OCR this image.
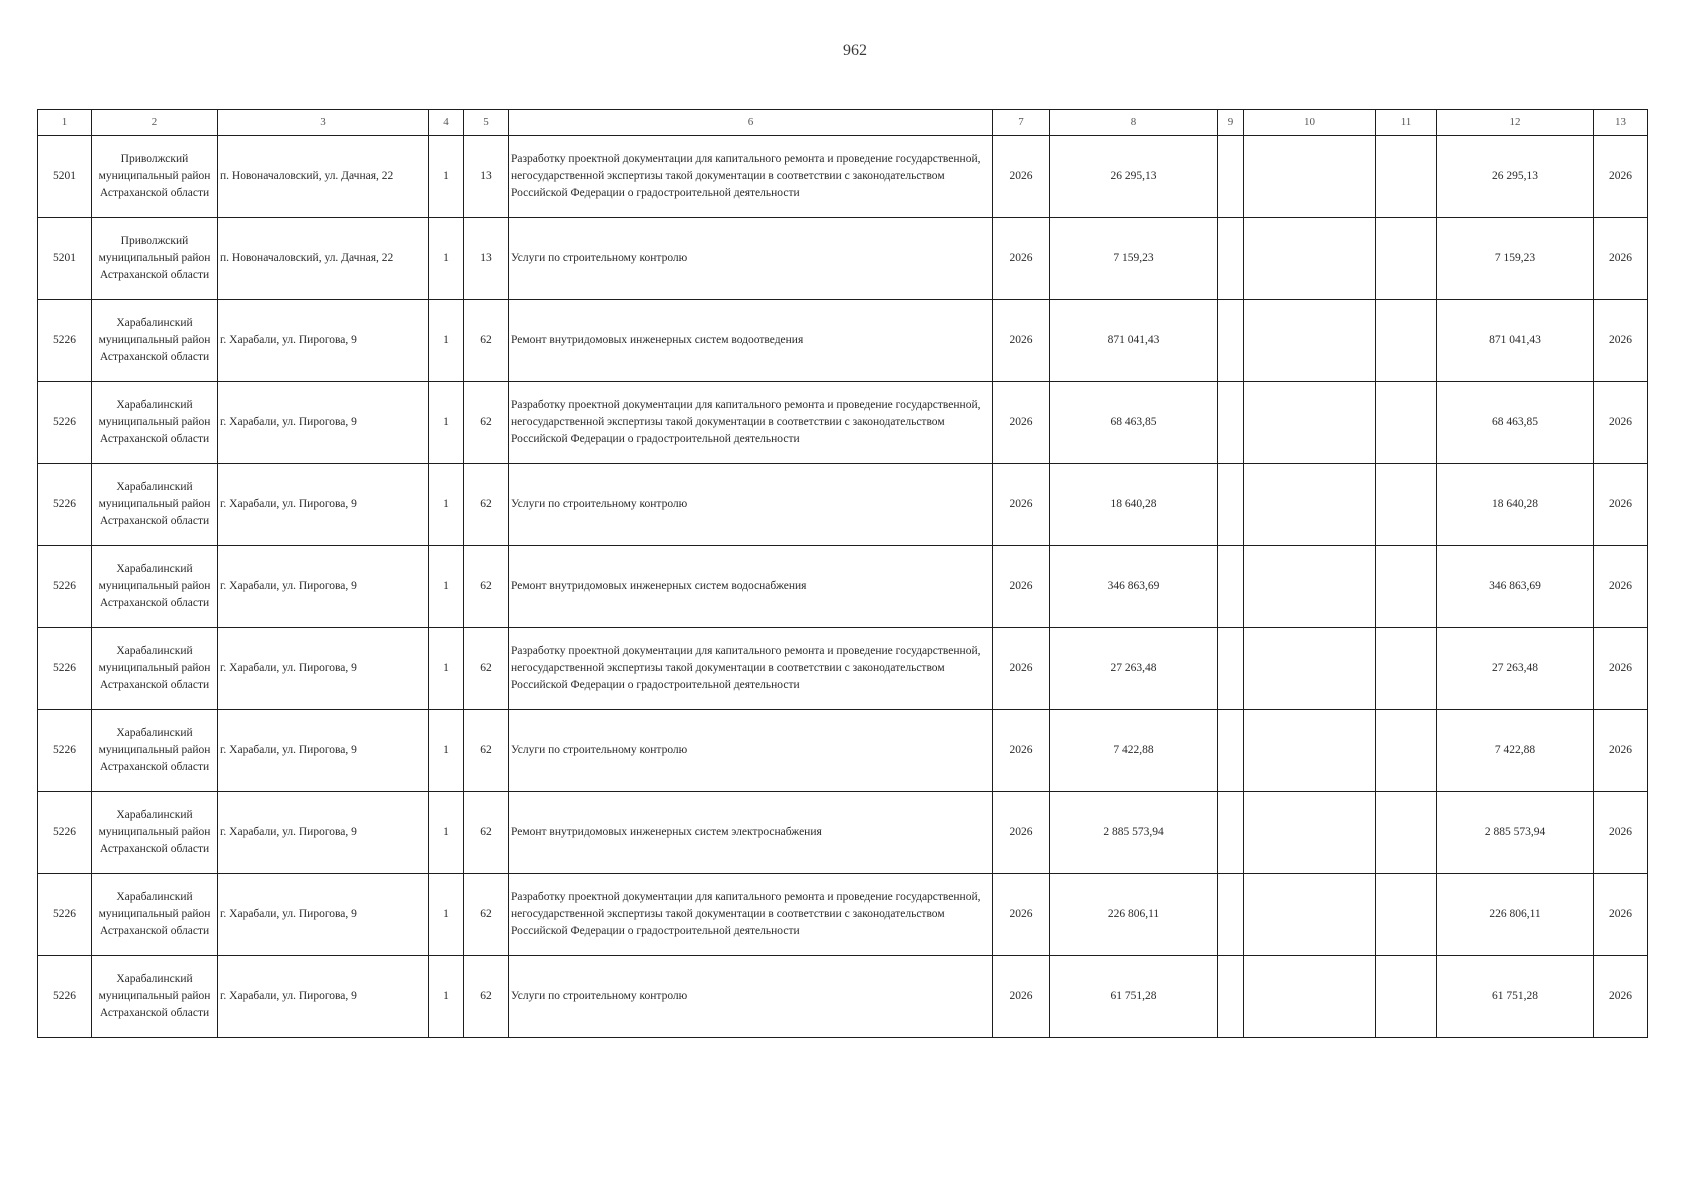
962
1	2	3	4	5	6	7	8	9	10	11	12	13
5201	Приволжский муниципальный район Астраханской области	п. Новоначаловский, ул. Дачная, 22	1	13	Разработку проектной документации для капитального ремонта и проведение государственной, негосударственной экспертизы такой документации в соответствии с законодательством Российской Федерации о градостроительной деятельности	2026	26 295,13				26 295,13	2026
5201	Приволжский муниципальный район Астраханской области	п. Новоначаловский, ул. Дачная, 22	1	13	Услуги по строительному контролю	2026	7 159,23				7 159,23	2026
5226	Харабалинский муниципальный район Астраханской области	г. Харабали, ул. Пирогова, 9	1	62	Ремонт внутридомовых инженерных систем водоотведения	2026	871 041,43				871 041,43	2026
5226	Харабалинский муниципальный район Астраханской области	г. Харабали, ул. Пирогова, 9	1	62	Разработку проектной документации для капитального ремонта и проведение государственной, негосударственной экспертизы такой документации в соответствии с законодательством Российской Федерации о градостроительной деятельности	2026	68 463,85				68 463,85	2026
5226	Харабалинский муниципальный район Астраханской области	г. Харабали, ул. Пирогова, 9	1	62	Услуги по строительному контролю	2026	18 640,28				18 640,28	2026
5226	Харабалинский муниципальный район Астраханской области	г. Харабали, ул. Пирогова, 9	1	62	Ремонт внутридомовых инженерных систем водоснабжения	2026	346 863,69				346 863,69	2026
5226	Харабалинский муниципальный район Астраханской области	г. Харабали, ул. Пирогова, 9	1	62	Разработку проектной документации для капитального ремонта и проведение государственной, негосударственной экспертизы такой документации в соответствии с законодательством Российской Федерации о градостроительной деятельности	2026	27 263,48				27 263,48	2026
5226	Харабалинский муниципальный район Астраханской области	г. Харабали, ул. Пирогова, 9	1	62	Услуги по строительному контролю	2026	7 422,88				7 422,88	2026
5226	Харабалинский муниципальный район Астраханской области	г. Харабали, ул. Пирогова, 9	1	62	Ремонт внутридомовых инженерных систем электроснабжения	2026	2 885 573,94				2 885 573,94	2026
5226	Харабалинский муниципальный район Астраханской области	г. Харабали, ул. Пирогова, 9	1	62	Разработку проектной документации для капитального ремонта и проведение государственной, негосударственной экспертизы такой документации в соответствии с законодательством Российской Федерации о градостроительной деятельности	2026	226 806,11				226 806,11	2026
5226	Харабалинский муниципальный район Астраханской области	г. Харабали, ул. Пирогова, 9	1	62	Услуги по строительному контролю	2026	61 751,28				61 751,28	2026
